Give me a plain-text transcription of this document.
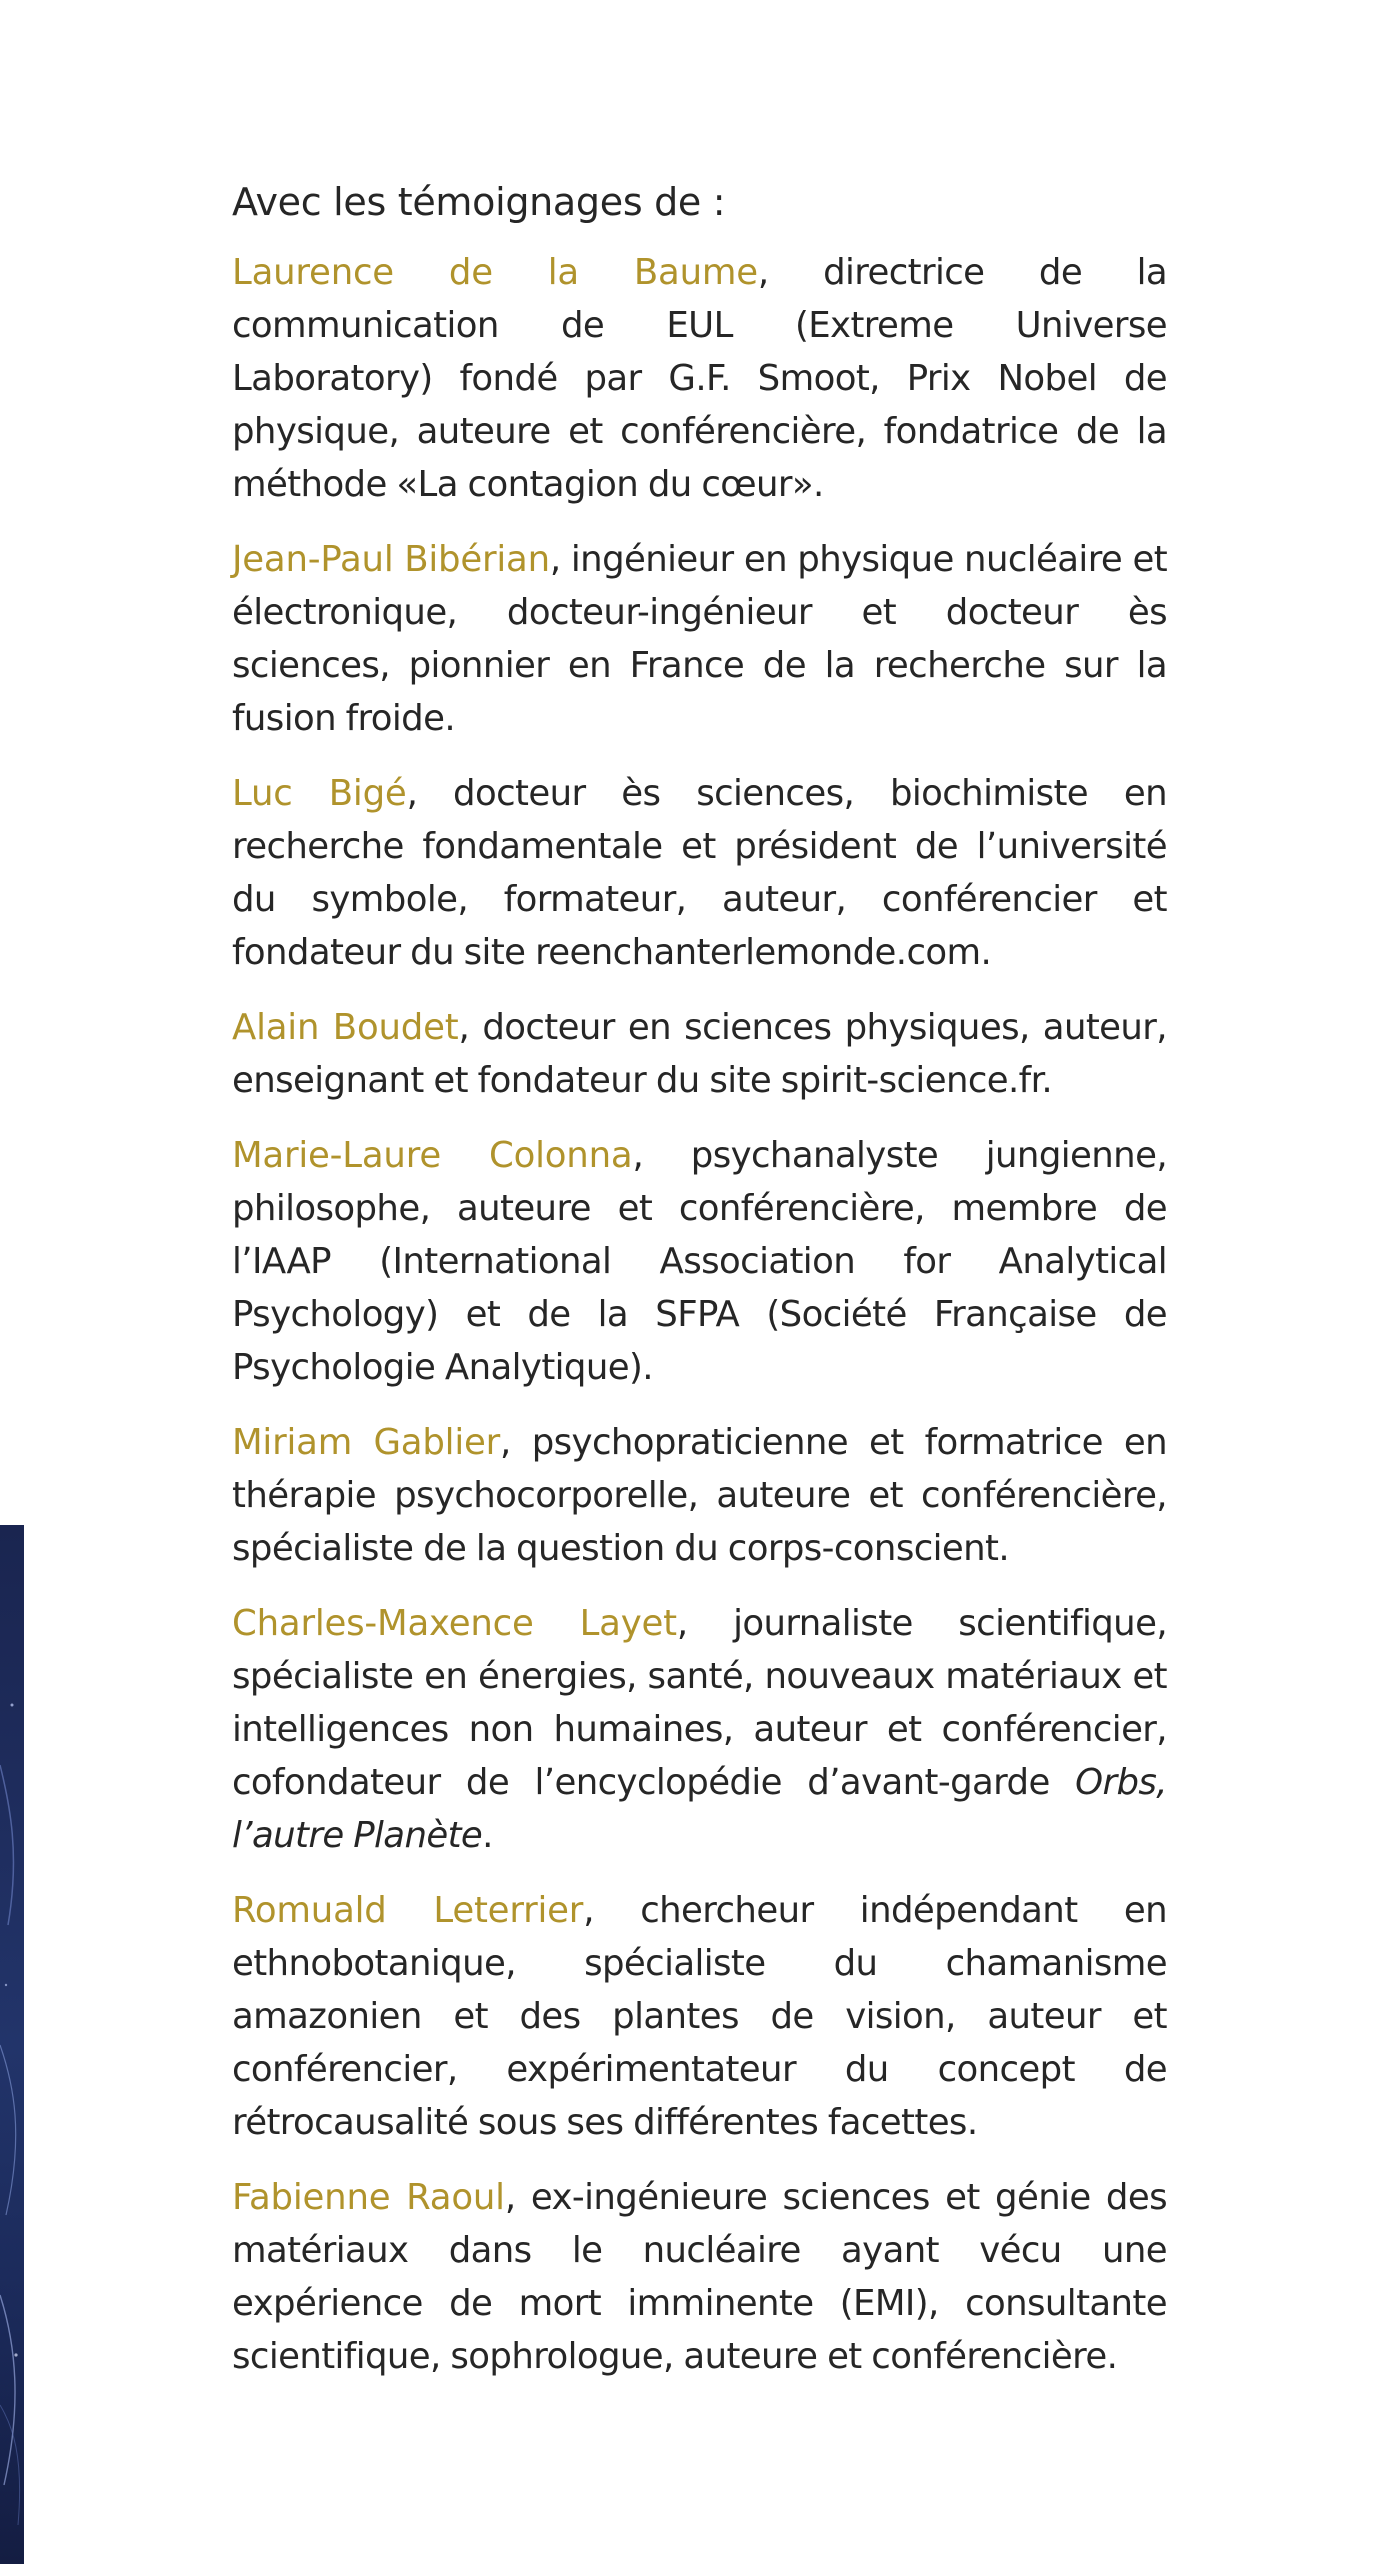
Avec les témoignages de :

Laurence de la Baume, directrice de la communication de EUL (Extreme Universe Laboratory) fondé par G.F. Smoot, Prix Nobel de physique, auteure et conférencière, fondatrice de la méthode «La contagion du cœur».

Jean-Paul Bibérian, ingénieur en physique nucléaire et électronique, docteur-ingénieur et docteur ès sciences, pionnier en France de la recherche sur la fusion froide.

Luc Bigé, docteur ès sciences, biochimiste en recherche fondamentale et président de l’université du symbole, formateur, auteur, conférencier et fondateur du site reenchanterlemonde.com.

Alain Boudet, docteur en sciences physiques, auteur, enseignant et fondateur du site spirit-science.fr.

Marie-Laure Colonna, psychanalyste jungienne, philosophe, auteure et conférencière, membre de l’IAAP (International Association for Analytical Psychology) et de la SFPA (Société Française de Psychologie Analytique).

Miriam Gablier, psychopraticienne et formatrice en thérapie psychocorporelle, auteure et conférencière, spécialiste de la question du corps-conscient.

Charles-Maxence Layet, journaliste scientifique, spécialiste en énergies, santé, nouveaux matériaux et intelligences non humaines, auteur et conférencier, cofondateur de l’encyclopédie d’avant-garde Orbs, l’autre Planète.

Romuald Leterrier, chercheur indépendant en ethnobotanique, spécialiste du chamanisme amazonien et des plantes de vision, auteur et conférencier, expérimentateur du concept de rétrocausalité sous ses différentes facettes.

Fabienne Raoul, ex-ingénieure sciences et génie des matériaux dans le nucléaire ayant vécu une expérience de mort imminente (EMI), consultante scientifique, sophrologue, auteure et conférencière.
